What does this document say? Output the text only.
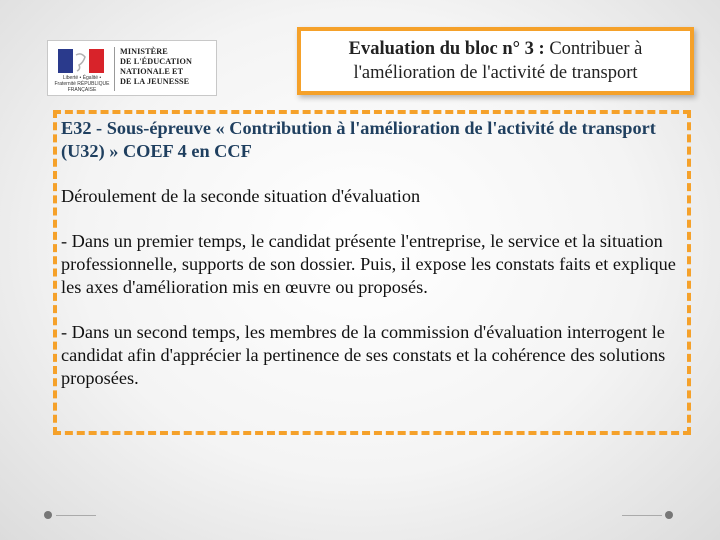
Liberté • Égalité • Fraternité RÉPUBLIQUE FRANÇAISE
MINISTÈRE
DE L'ÉDUCATION
NATIONALE ET
DE LA JEUNESSE
Evaluation du bloc n° 3 : Contribuer à
l'amélioration de l'activité de transport

E32 - Sous-épreuve « Contribution à l'amélioration de l'activité de transport (U32) » COEF 4 en CCF

Déroulement de la seconde situation d'évaluation

- Dans un premier temps, le candidat présente l'entreprise, le service et la situation professionnelle, supports de son dossier. Puis, il expose les constats faits et explique les axes d'amélioration mis en œuvre ou proposés.

- Dans un second temps, les membres de la commission d'évaluation interrogent le candidat afin d'apprécier la pertinence de ses constats et la cohérence des solutions proposées.
